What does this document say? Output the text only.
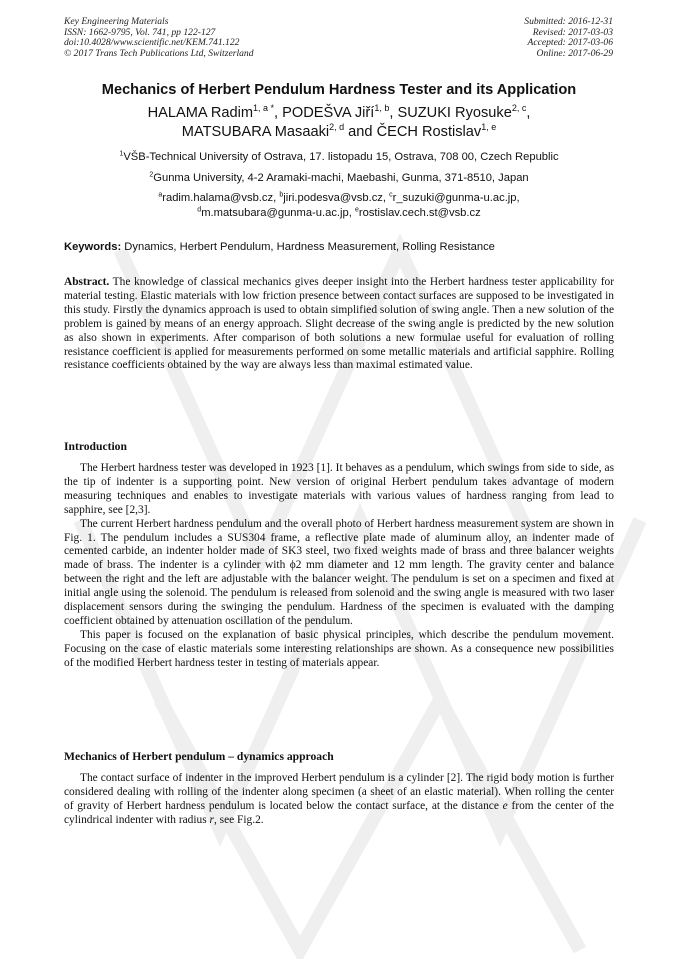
Key Engineering Materials
ISSN: 1662-9795, Vol. 741, pp 122-127
doi:10.4028/www.scientific.net/KEM.741.122
© 2017 Trans Tech Publications Ltd, Switzerland
Submitted: 2016-12-31
Revised: 2017-03-03
Accepted: 2017-03-06
Online: 2017-06-29
Mechanics of Herbert Pendulum Hardness Tester and its Application
HALAMA Radim$^{1, a *}$, PODEŠVA Jiří$^{1, b}$, SUZUKI Ryosuke$^{2, c}$,
MATSUBARA Masaaki$^{2, d}$ and ČECH Rostislav$^{1, e}$
$^1$VŠB-Technical University of Ostrava, 17. listopadu 15, Ostrava, 708 00, Czech Republic
$^2$Gunma University, 4-2 Aramaki-machi, Maebashi, Gunma, 371-8510, Japan
$^a$radim.halama@vsb.cz, $^b$jiri.podesva@vsb.cz, $^c$r_suzuki@gunma-u.ac.jp,
$^d$m.matsubara@gunma-u.ac.jp, $^e$rostislav.cech.st@vsb.cz
Keywords: Dynamics, Herbert Pendulum, Hardness Measurement, Rolling Resistance

Abstract. The knowledge of classical mechanics gives deeper insight into the Herbert hardness tester applicability for material testing. Elastic materials with low friction presence between contact surfaces are supposed to be investigated in this study. Firstly the dynamics approach is used to obtain simplified solution of swing angle. Then a new solution of the problem is gained by means of an energy approach. Slight decrease of the swing angle is predicted by the new solution as also shown in experiments. After comparison of both solutions a new formulae useful for evaluation of rolling resistance coefficient is applied for measurements performed on some metallic materials and artificial sapphire. Rolling resistance coefficients obtained by the way are always less than maximal estimated value.

Introduction

The Herbert hardness tester was developed in 1923 [1]. It behaves as a pendulum, which swings from side to side, as the tip of indenter is a supporting point. New version of original Herbert pendulum takes advantage of modern measuring techniques and enables to investigate materials with various values of hardness ranging from lead to sapphire, see [2,3].

The current Herbert hardness pendulum and the overall photo of Herbert hardness measurement system are shown in Fig. 1. The pendulum includes a SUS304 frame, a reflective plate made of aluminum alloy, an indenter made of cemented carbide, an indenter holder made of SK3 steel, two fixed weights made of brass and three balancer weights made of brass. The indenter is a cylinder with ϕ2 mm diameter and 12 mm length. The gravity center and balance between the right and the left are adjustable with the balancer weight. The pendulum is set on a specimen and fixed at initial angle using the solenoid. The pendulum is released from solenoid and the swing angle is measured with two laser displacement sensors during the swinging the pendulum. Hardness of the specimen is evaluated with the damping coefficient obtained by attenuation oscillation of the pendulum.

This paper is focused on the explanation of basic physical principles, which describe the pendulum movement. Focusing on the case of elastic materials some interesting relationships are shown. As a consequence new possibilities of the modified Herbert hardness tester in testing of materials appear.

Mechanics of Herbert pendulum – dynamics approach

The contact surface of indenter in the improved Herbert pendulum is a cylinder [2]. The rigid body motion is further considered dealing with rolling of the indenter along specimen (a sheet of an elastic material). When rolling the center of gravity of Herbert hardness pendulum is located below the contact surface, at the distance e from the center of the cylindrical indenter with radius r, see Fig.2.
